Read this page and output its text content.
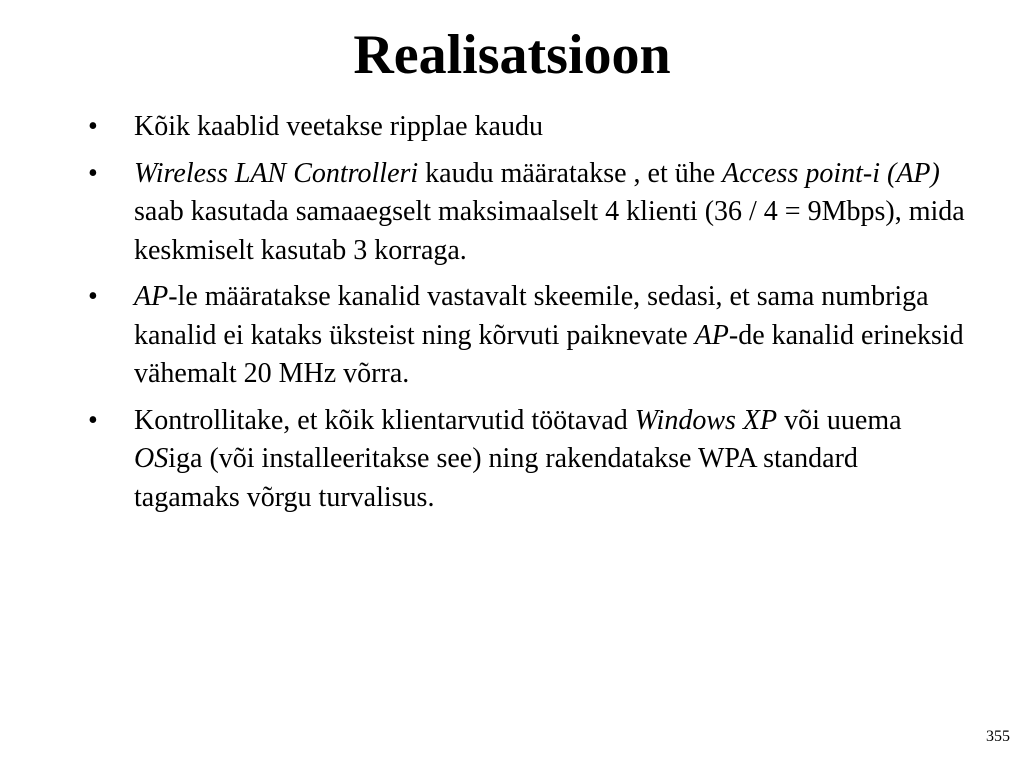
Realisatsioon
• Kõik kaablid veetakse ripplae kaudu
• Wireless LAN Controlleri kaudu määratakse , et ühe Access point-i (AP) saab kasutada samaaegselt maksimaalselt 4 klienti (36 / 4 = 9Mbps), mida keskmiselt kasutab 3 korraga.
• AP-le määratakse kanalid vastavalt skeemile, sedasi, et sama numbriga kanalid ei kataks üksteist ning kõrvuti paiknevate AP-de kanalid erineksid vähemalt 20 MHz võrra.
• Kontrollitake, et kõik klientarvutid töötavad Windows XP või uuema OSiga (või installeeritakse see) ning rakendatakse WPA standard tagamaks võrgu turvalisus.
355
